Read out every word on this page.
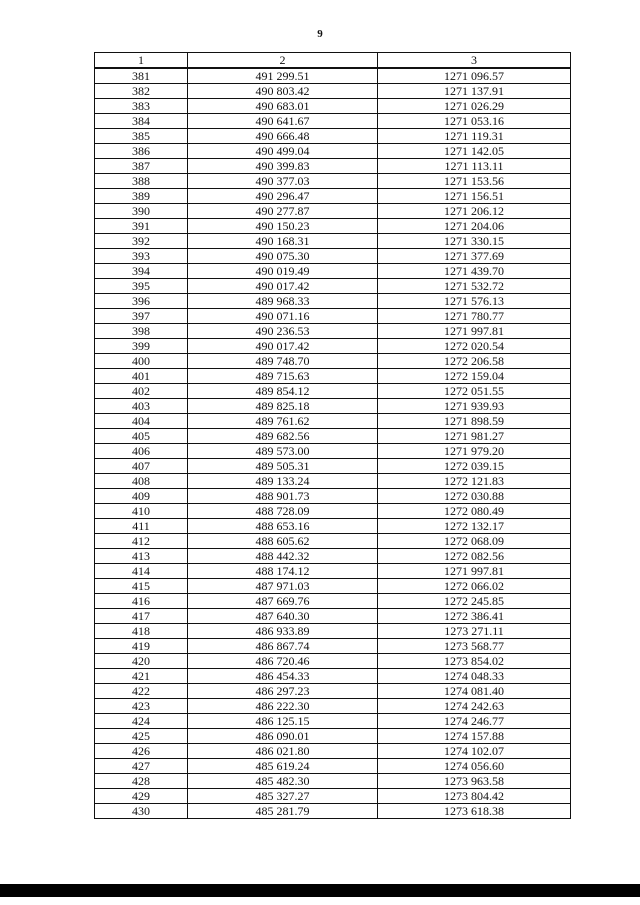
9
1	2	3
381	491 299.51	1271 096.57
382	490 803.42	1271 137.91
383	490 683.01	1271 026.29
384	490 641.67	1271 053.16
385	490 666.48	1271 119.31
386	490 499.04	1271 142.05
387	490 399.83	1271 113.11
388	490 377.03	1271 153.56
389	490 296.47	1271 156.51
390	490 277.87	1271 206.12
391	490 150.23	1271 204.06
392	490 168.31	1271 330.15
393	490 075.30	1271 377.69
394	490 019.49	1271 439.70
395	490 017.42	1271 532.72
396	489 968.33	1271 576.13
397	490 071.16	1271 780.77
398	490 236.53	1271 997.81
399	490 017.42	1272 020.54
400	489 748.70	1272 206.58
401	489 715.63	1272 159.04
402	489 854.12	1272 051.55
403	489 825.18	1271 939.93
404	489 761.62	1271 898.59
405	489 682.56	1271 981.27
406	489 573.00	1271 979.20
407	489 505.31	1272 039.15
408	489 133.24	1272 121.83
409	488 901.73	1272 030.88
410	488 728.09	1272 080.49
411	488 653.16	1272 132.17
412	488 605.62	1272 068.09
413	488 442.32	1272 082.56
414	488 174.12	1271 997.81
415	487 971.03	1272 066.02
416	487 669.76	1272 245.85
417	487 640.30	1272 386.41
418	486 933.89	1273 271.11
419	486 867.74	1273 568.77
420	486 720.46	1273 854.02
421	486 454.33	1274 048.33
422	486 297.23	1274 081.40
423	486 222.30	1274 242.63
424	486 125.15	1274 246.77
425	486 090.01	1274 157.88
426	486 021.80	1274 102.07
427	485 619.24	1274 056.60
428	485 482.30	1273 963.58
429	485 327.27	1273 804.42
430	485 281.79	1273 618.38
